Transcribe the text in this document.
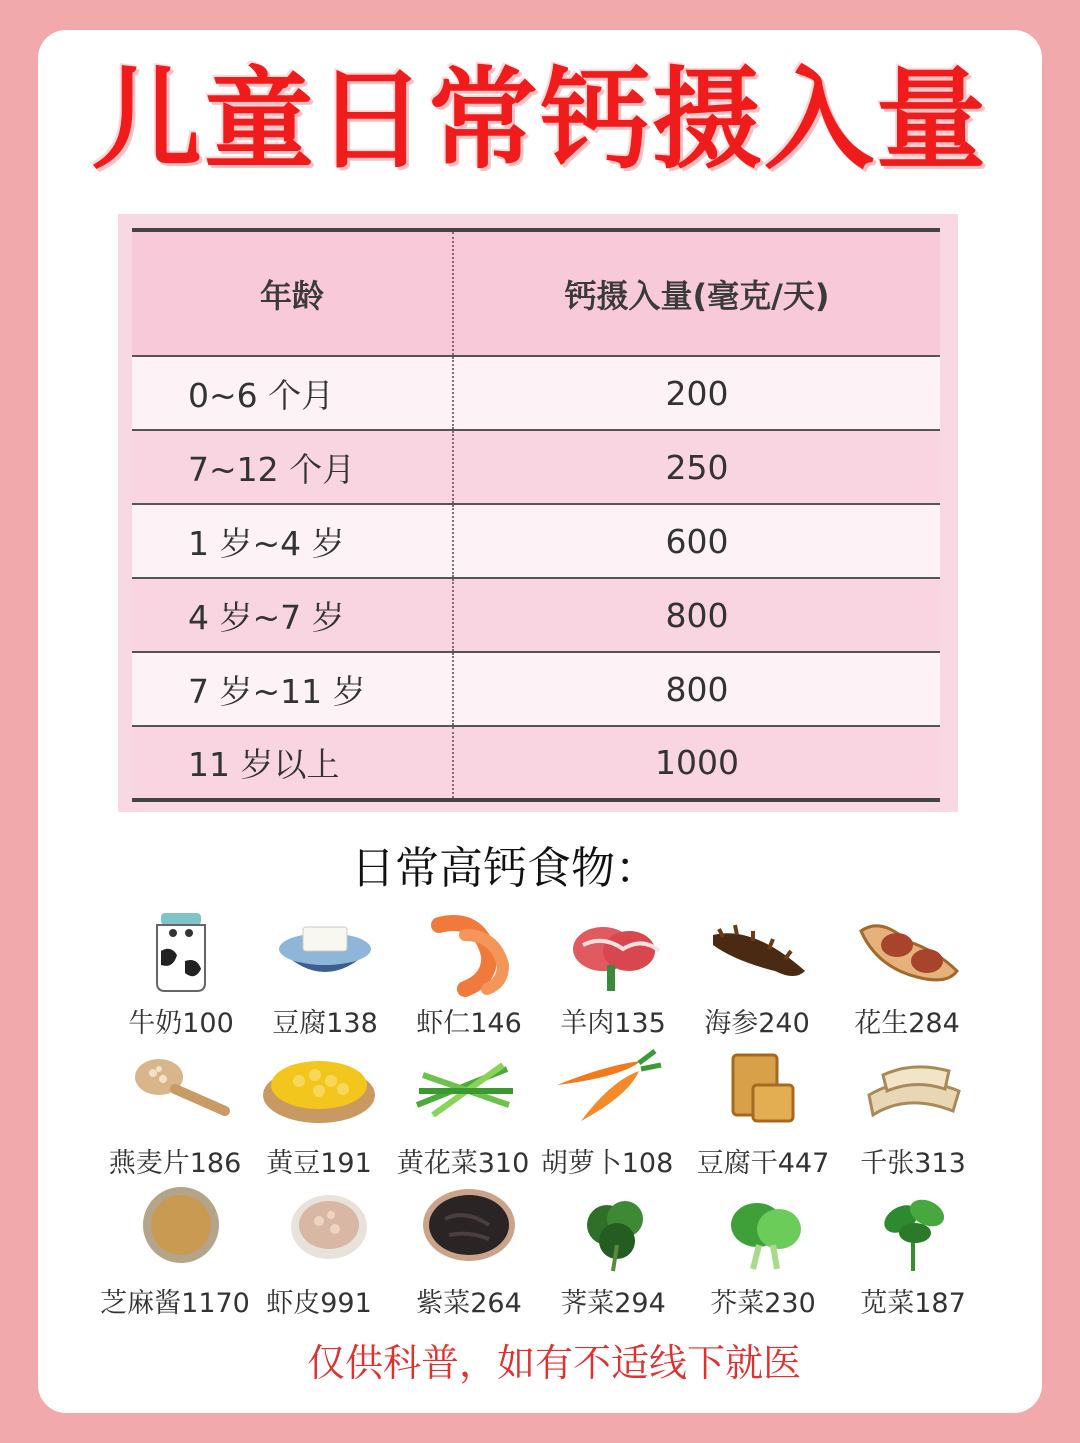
儿童日常钙摄入量
年龄	钙摄入量(毫克/天)
0~6 个月	200
7~12 个月	250
1 岁~4 岁	600
4 岁~7 岁	800
7 岁~11 岁	800
11 岁以上	1000
日常高钙食物：
牛奶100	豆腐138	虾仁146	羊肉135	海参240	花生284
燕麦片186 黄豆191 黄花菜310 胡萝卜108 豆腐干447	千张313
芝麻酱1170 虾皮991	紫菜264	荠菜294	芥菜230	苋菜187
仅供科普，如有不适线下就医
